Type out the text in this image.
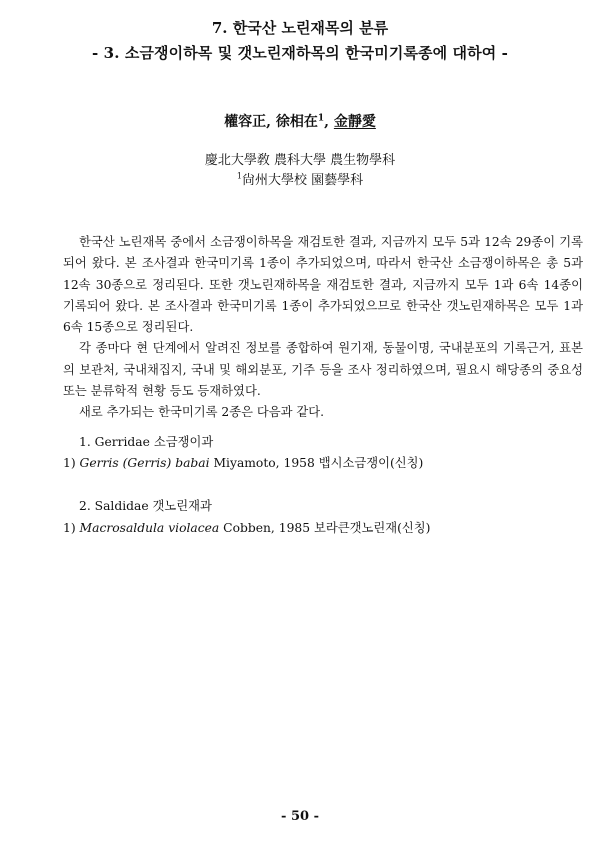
7. 한국산 노린재목의 분류
- 3. 소금쟁이하목 및 갯노린재하목의 한국미기록종에 대하여 -
權容正, 徐相在$^1$, 金靜愛
慶北大學敎 農科大學 農生物學科
$^1$尙州大學校 園藝學科

한국산 노린재목 중에서 소금쟁이하목을 재검토한 결과, 지금까지 모두 5과 12속 29종이 기록되어 왔다. 본 조사결과 한국미기록 1종이 추가되었으며, 따라서 한국산 소금쟁이하목은 총 5과 12속 30종으로 정리된다. 또한 갯노린재하목을 재검토한 결과, 지금까지 모두 1과 6속 14종이 기록되어 왔다. 본 조사결과 한국미기록 1종이 추가되었으므로 한국산 갯노린재하목은 모두 1과 6속 15종으로 정리된다.

각 종마다 현 단계에서 알려진 정보를 종합하여 원기재, 동물이명, 국내분포의 기록근거, 표본의 보관처, 국내채집지, 국내 및 해외분포, 기주 등을 조사 정리하였으며, 필요시 해당종의 중요성 또는 분류학적 현황 등도 등재하였다.

새로 추가되는 한국미기록 2종은 다음과 같다.

1. Gerridae 소금쟁이과
1) Gerris (Gerris) babai Miyamoto, 1958 뱁시소금쟁이(신칭)
2. Saldidae 갯노린재과
1) Macrosaldula violacea Cobben, 1985 보라큰갯노린재(신칭)
- 50 -
